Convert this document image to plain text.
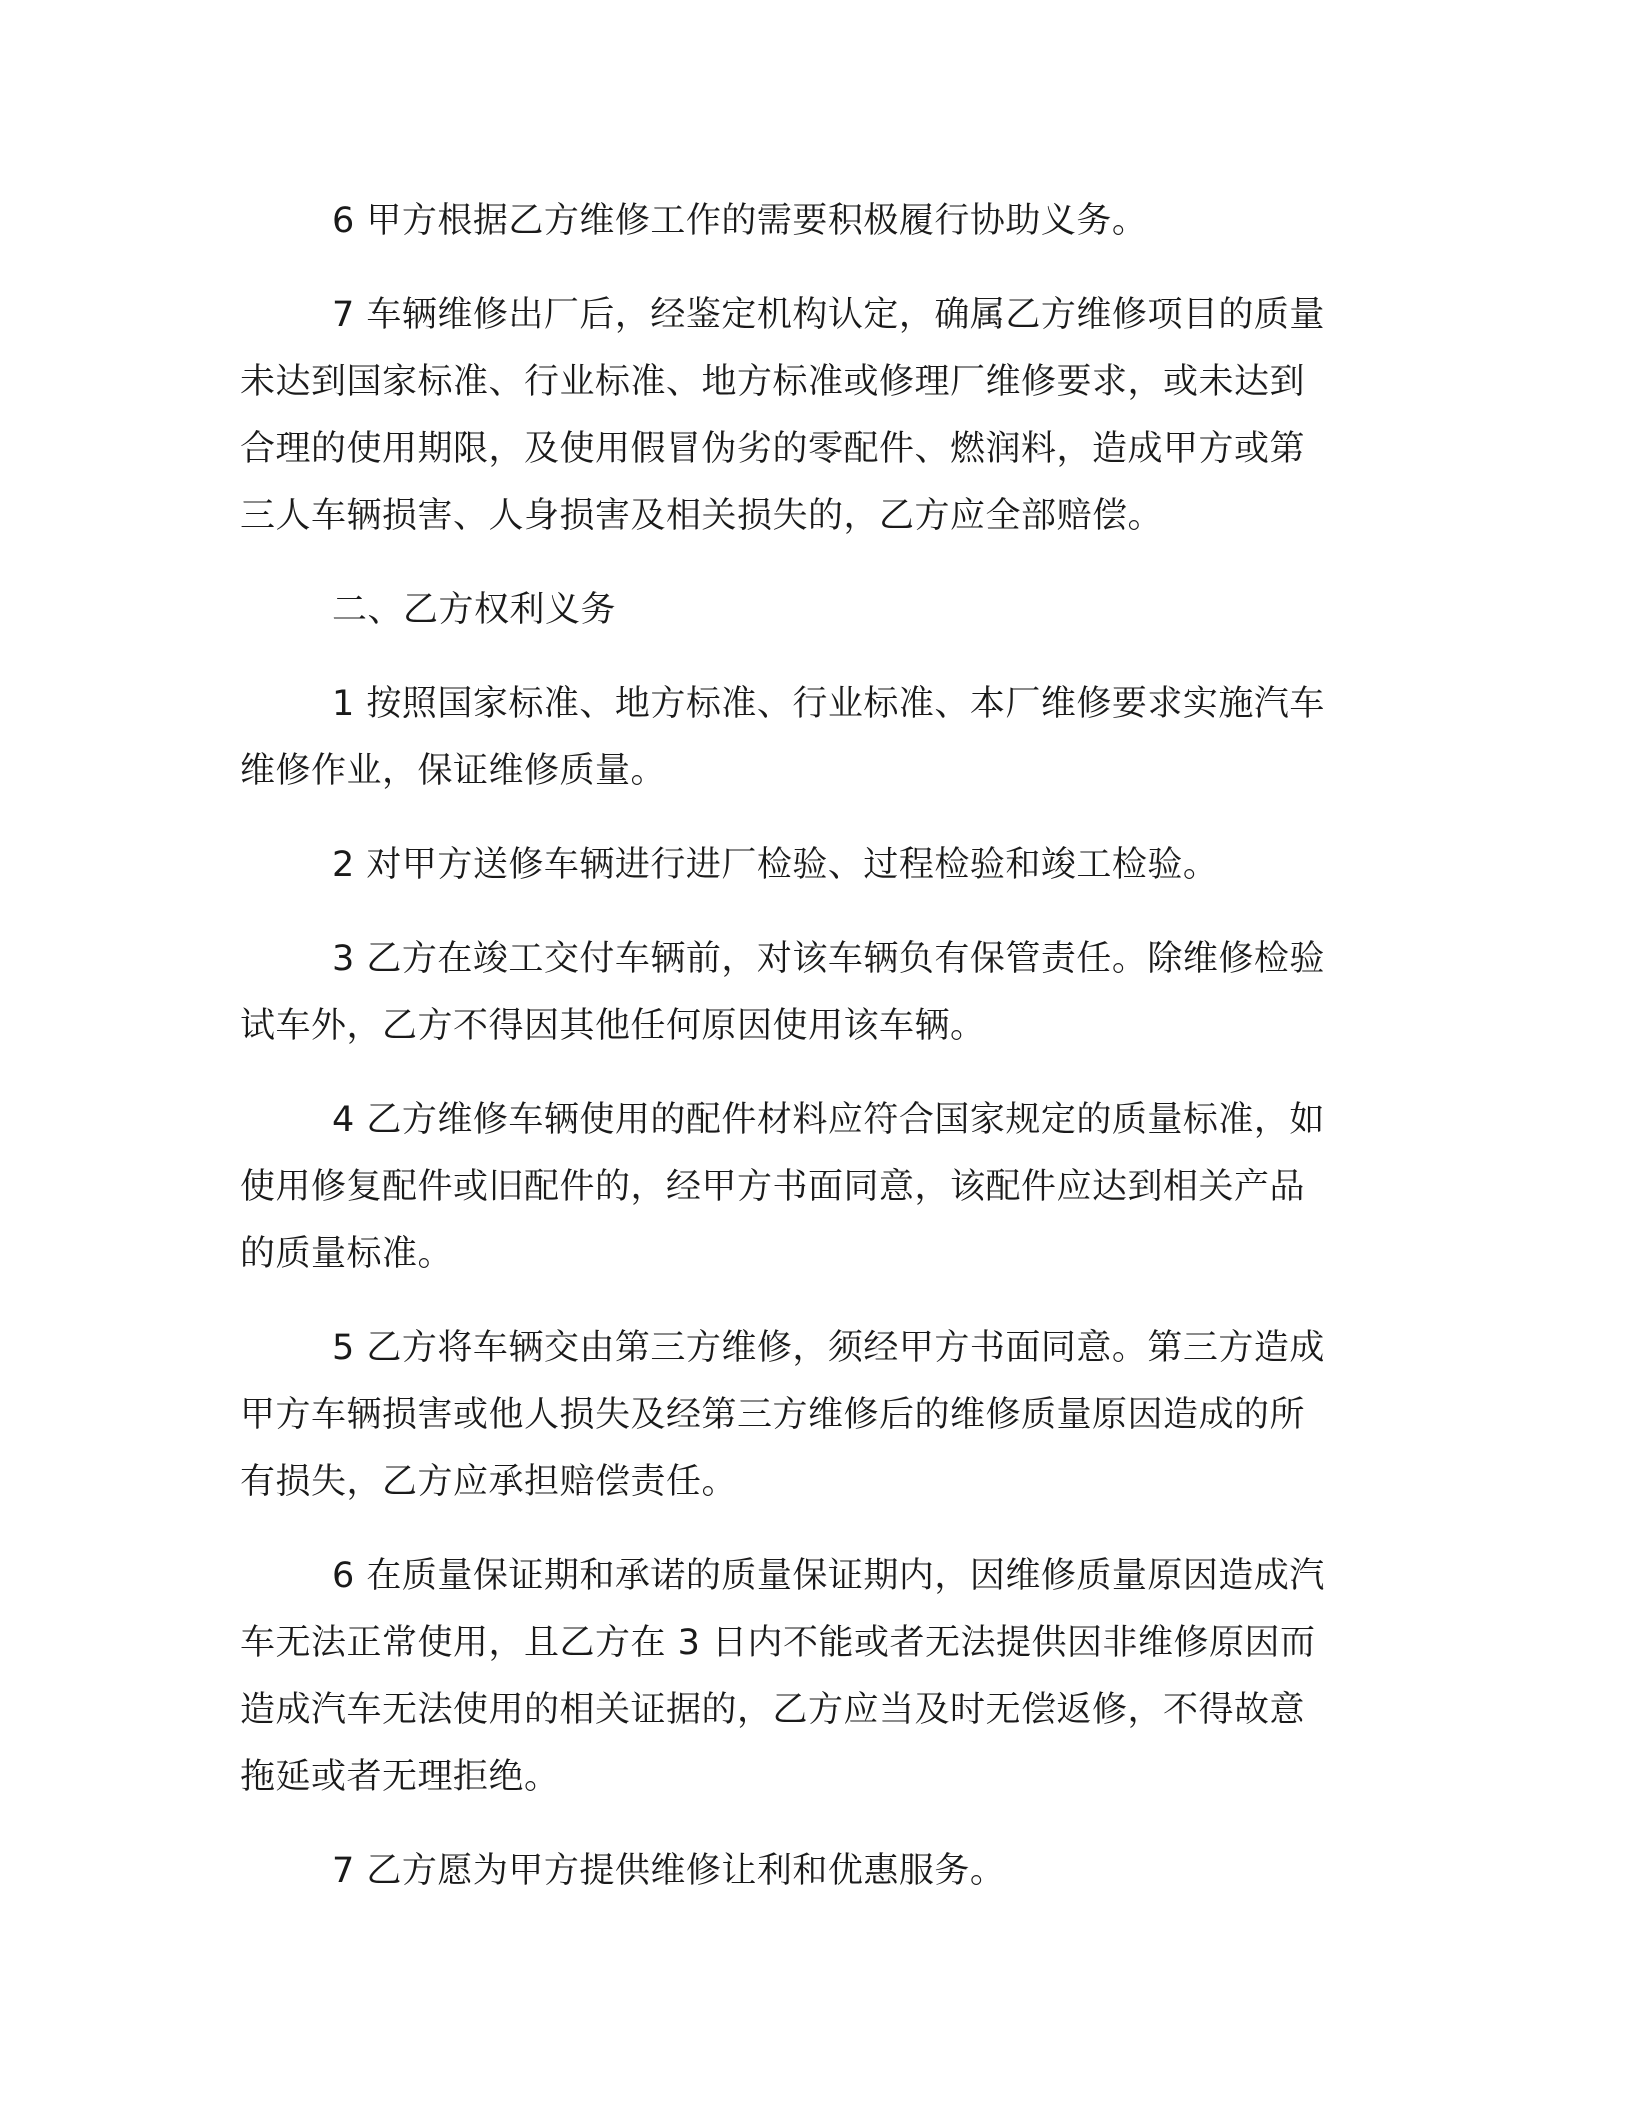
6 甲方根据乙方维修工作的需要积极履行协助义务。

7 车辆维修出厂后，经鉴定机构认定，确属乙方维修项目的质量
未达到国家标准、行业标准、地方标准或修理厂维修要求，或未达到
合理的使用期限，及使用假冒伪劣的零配件、燃润料，造成甲方或第
三人车辆损害、人身损害及相关损失的，乙方应全部赔偿。

二、乙方权利义务

1 按照国家标准、地方标准、行业标准、本厂维修要求实施汽车
维修作业，保证维修质量。

2 对甲方送修车辆进行进厂检验、过程检验和竣工检验。

3 乙方在竣工交付车辆前，对该车辆负有保管责任。除维修检验
试车外，乙方不得因其他任何原因使用该车辆。

4 乙方维修车辆使用的配件材料应符合国家规定的质量标准，如
使用修复配件或旧配件的，经甲方书面同意，该配件应达到相关产品
的质量标准。

5 乙方将车辆交由第三方维修，须经甲方书面同意。第三方造成
甲方车辆损害或他人损失及经第三方维修后的维修质量原因造成的所
有损失，乙方应承担赔偿责任。

6 在质量保证期和承诺的质量保证期内，因维修质量原因造成汽
车无法正常使用，且乙方在 3 日内不能或者无法提供因非维修原因而
造成汽车无法使用的相关证据的，乙方应当及时无偿返修，不得故意
拖延或者无理拒绝。

7 乙方愿为甲方提供维修让利和优惠服务。
